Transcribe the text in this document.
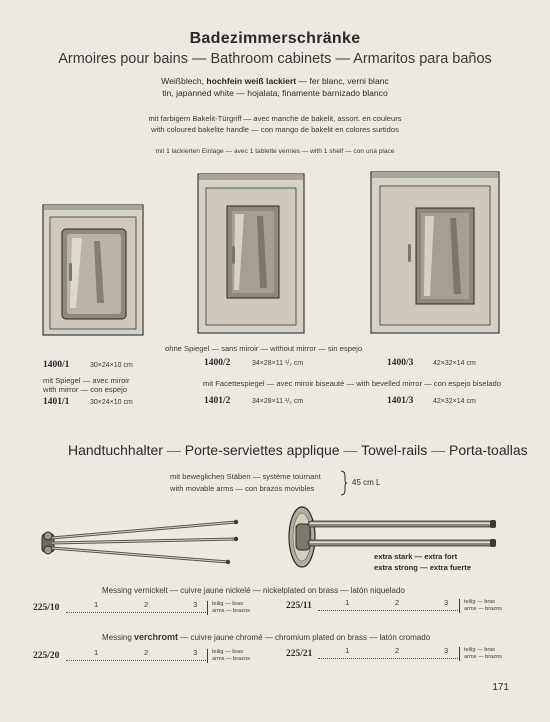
Badezimmerschränke
Armoires pour bains — Bathroom cabinets — Armaritos para baños
Weißblech, hochfein weiß lackiert — fer blanc, verni blanc
tin, japanned white — hojalata, finamente barnizado blanco
mit farbigem Bakelit-Türgriff — avec manche de bakelit, assort. en couleurs
with coloured bakelite handle — con mango de bakelit en colores surtidos
mit 1 lackierten Einlage — avec 1 tablette vernies — with 1 shelf — con una place
ohne Spiegel — sans miroir — without mirror — sin espejo
1400/1	30×24×10 cm	1400/2	34×28×11 ¹/₂ cm	1400/3	42×32×14 cm
mit Spiegel — avec miroir
with mirror — con espejo
mit Facettespiegel — avec miroir biseauté — with bevelled mirror — con espejo biselado
1401/1	30×24×10 cm	1401/2	34×28×11 ¹/₂ cm	1401/3	42×32×14 cm
Handtuchhalter — Porte-serviettes applique — Towel-rails — Porta-toallas
mit beweglichen Stäben — système tournant
with movable arms — con brazos movibles
45 cm L
extra stark — extra fort
extra strong — extra fuerte
Messing vernickelt — cuivre jaune nickelé — nickelplated on brass — latón niquelado
225/10	1	2	3	teilig — bras
arms — brazos	225/11	1	2	3	teilig — bras
arms — brazos
Messing verchromt — cuivre jaune chromé — chromium plated on brass — latón cromado
225/20	1	2	3	teilig — bras
arms — brazos	225/21	1	2	3	teilig — bras
arms — brazos
171
